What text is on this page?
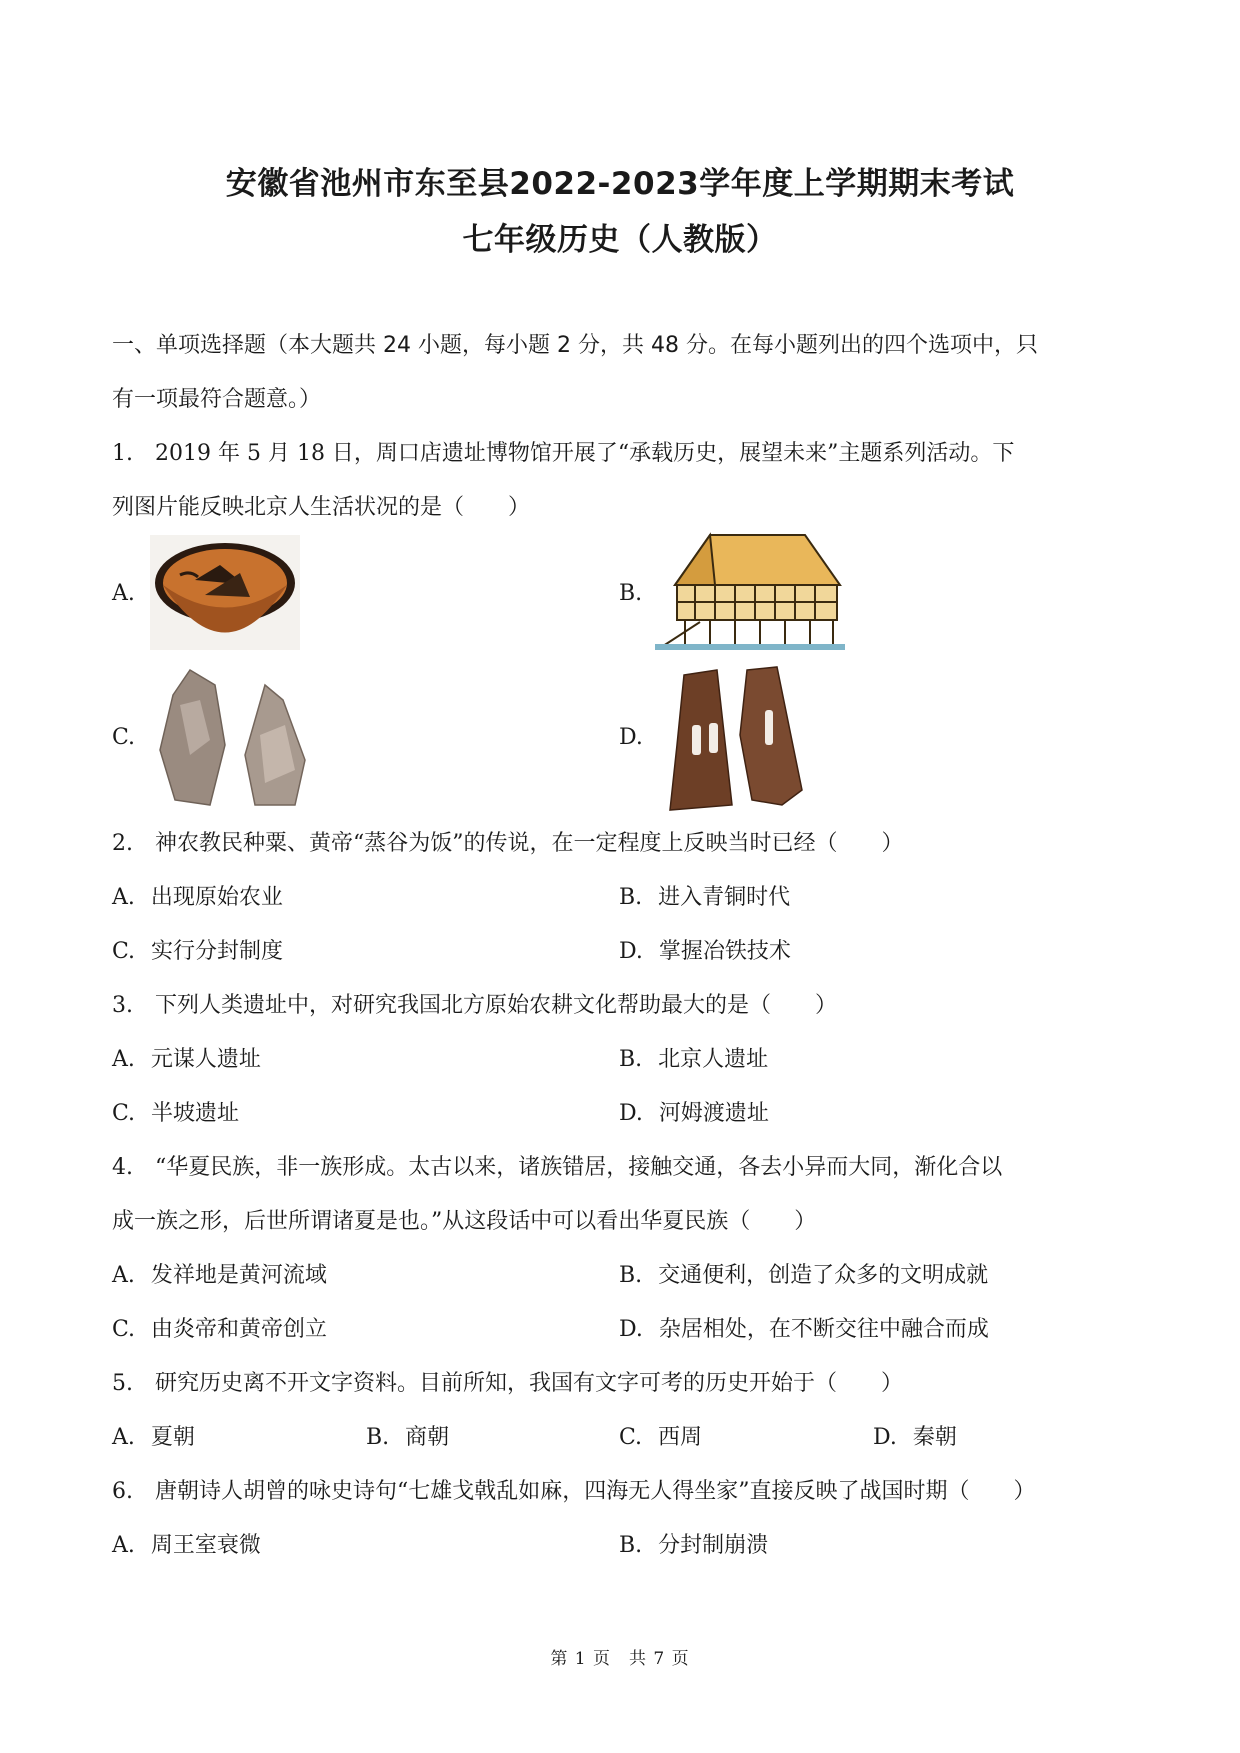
安徽省池州市东至县2022-2023学年度上学期期末考试
七年级历史（人教版）
一、单项选择题（本大题共 24 小题，每小题 2 分，共 48 分。在每小题列出的四个选项中，只
有一项最符合题意。）
1.　2019 年 5 月 18 日，周口店遗址博物馆开展了“承载历史，展望未来”主题系列活动。下
列图片能反映北京人生活状况的是（　　）
A.	B.
C.	D.
2.　神农教民种粟、黄帝“蒸谷为饭”的传说，在一定程度上反映当时已经（　　）
A. 出现原始农业	B. 进入青铜时代
C. 实行分封制度	D. 掌握冶铁技术
3.　下列人类遗址中，对研究我国北方原始农耕文化帮助最大的是（　　）
A. 元谋人遗址	B. 北京人遗址
C. 半坡遗址	D. 河姆渡遗址
4.　“华夏民族，非一族形成。太古以来，诸族错居，接触交通，各去小异而大同，渐化合以
成一族之形，后世所谓诸夏是也。”从这段话中可以看出华夏民族（　　）
A. 发祥地是黄河流域	B. 交通便利，创造了众多的文明成就
C. 由炎帝和黄帝创立	D. 杂居相处，在不断交往中融合而成
5.　研究历史离不开文字资料。目前所知，我国有文字可考的历史开始于（　　）
A. 夏朝	B. 商朝	C. 西周	D. 秦朝
6.　唐朝诗人胡曾的咏史诗句“七雄戈戟乱如麻，四海无人得坐家”直接反映了战国时期（　　）
A. 周王室衰微	B. 分封制崩溃
第 1 页　共 7 页
